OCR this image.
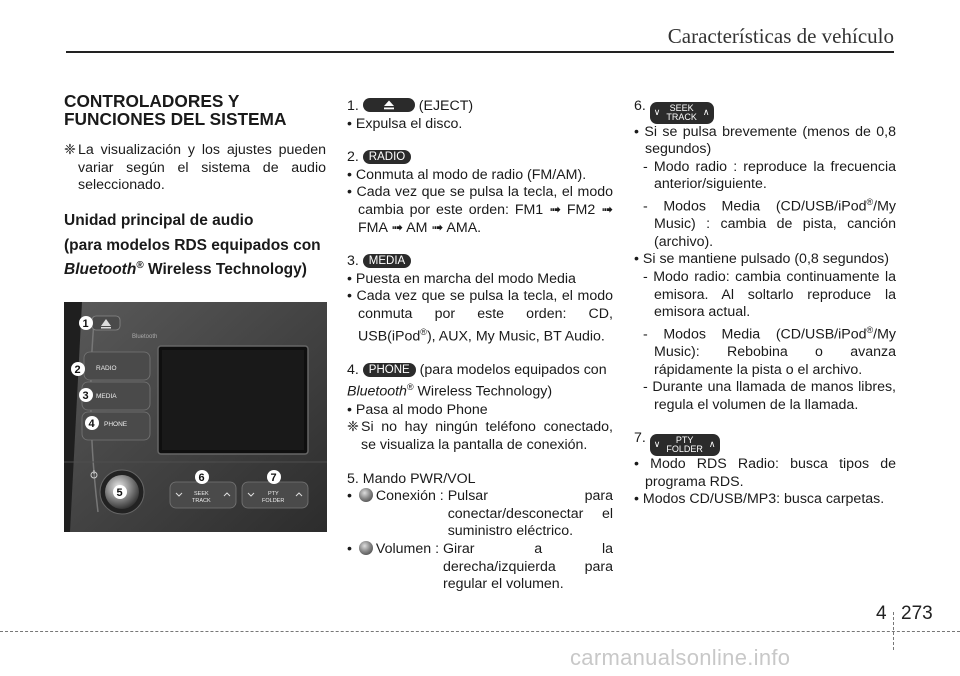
Características de vehículo

CONTROLADORES Y FUNCIONES DEL SISTEMA

❈ La visualización y los ajustes pueden variar según el sistema de audio seleccionado.

Unidad principal de audio

(para modelos RDS equipados con Bluetooth® Wireless Technology)

Bluetooth
RADIO
MEDIA
PHONE
SEEK
TRACK
PTY
FOLDER
1
2
3
4
5
6	7

1.	(EJECT)

• Expulsa el disco.

2. RADIO

• Conmuta al modo de radio (FM/AM).

• Cada vez que se pulsa la tecla, el modo cambia por este orden: FM1 ➟ FM2 ➟ FMA ➟ AM ➟ AMA.

3. MEDIA

• Puesta en marcha del modo Media

• Cada vez que se pulsa la tecla, el modo conmuta por este orden: CD, USB(iPod®), AUX, My Music, BT Audio.

4. PHONE (para modelos equipados con

Bluetooth® Wireless Technology)

• Pasa al modo Phone

❈ Si no hay ningún teléfono conectado, se visualiza la pantalla de conexión.

5. Mando PWR/VOL

• Conexión : Pulsar para conectar/desconectar el suministro eléctrico.
• Volumen : Girar a la derecha/izquierda para regular el volumen.

6. ∨	SEEK
TRACK ∧

• Si se pulsa brevemente (menos de 0,8 segundos)

- Modo radio : reproduce la frecuencia anterior/siguiente.

- Modos Media (CD/USB/iPod®/My Music) : cambia de pista, canción (archivo).

• Si se mantiene pulsado (0,8 segundos)

- Modo radio: cambia continuamente la emisora. Al soltarlo reproduce la emisora actual.

- Modos Media (CD/USB/iPod®/My Music): Rebobina o avanza rápidamente la pista o el archivo.

- Durante una llamada de manos libres, regula el volumen de la llamada.

7. ∨	PTY
FOLDER ∧

• Modo RDS Radio: busca tipos de programa RDS.

• Modos CD/USB/MP3: busca carpetas.

4 273
carmanualsonline.info
